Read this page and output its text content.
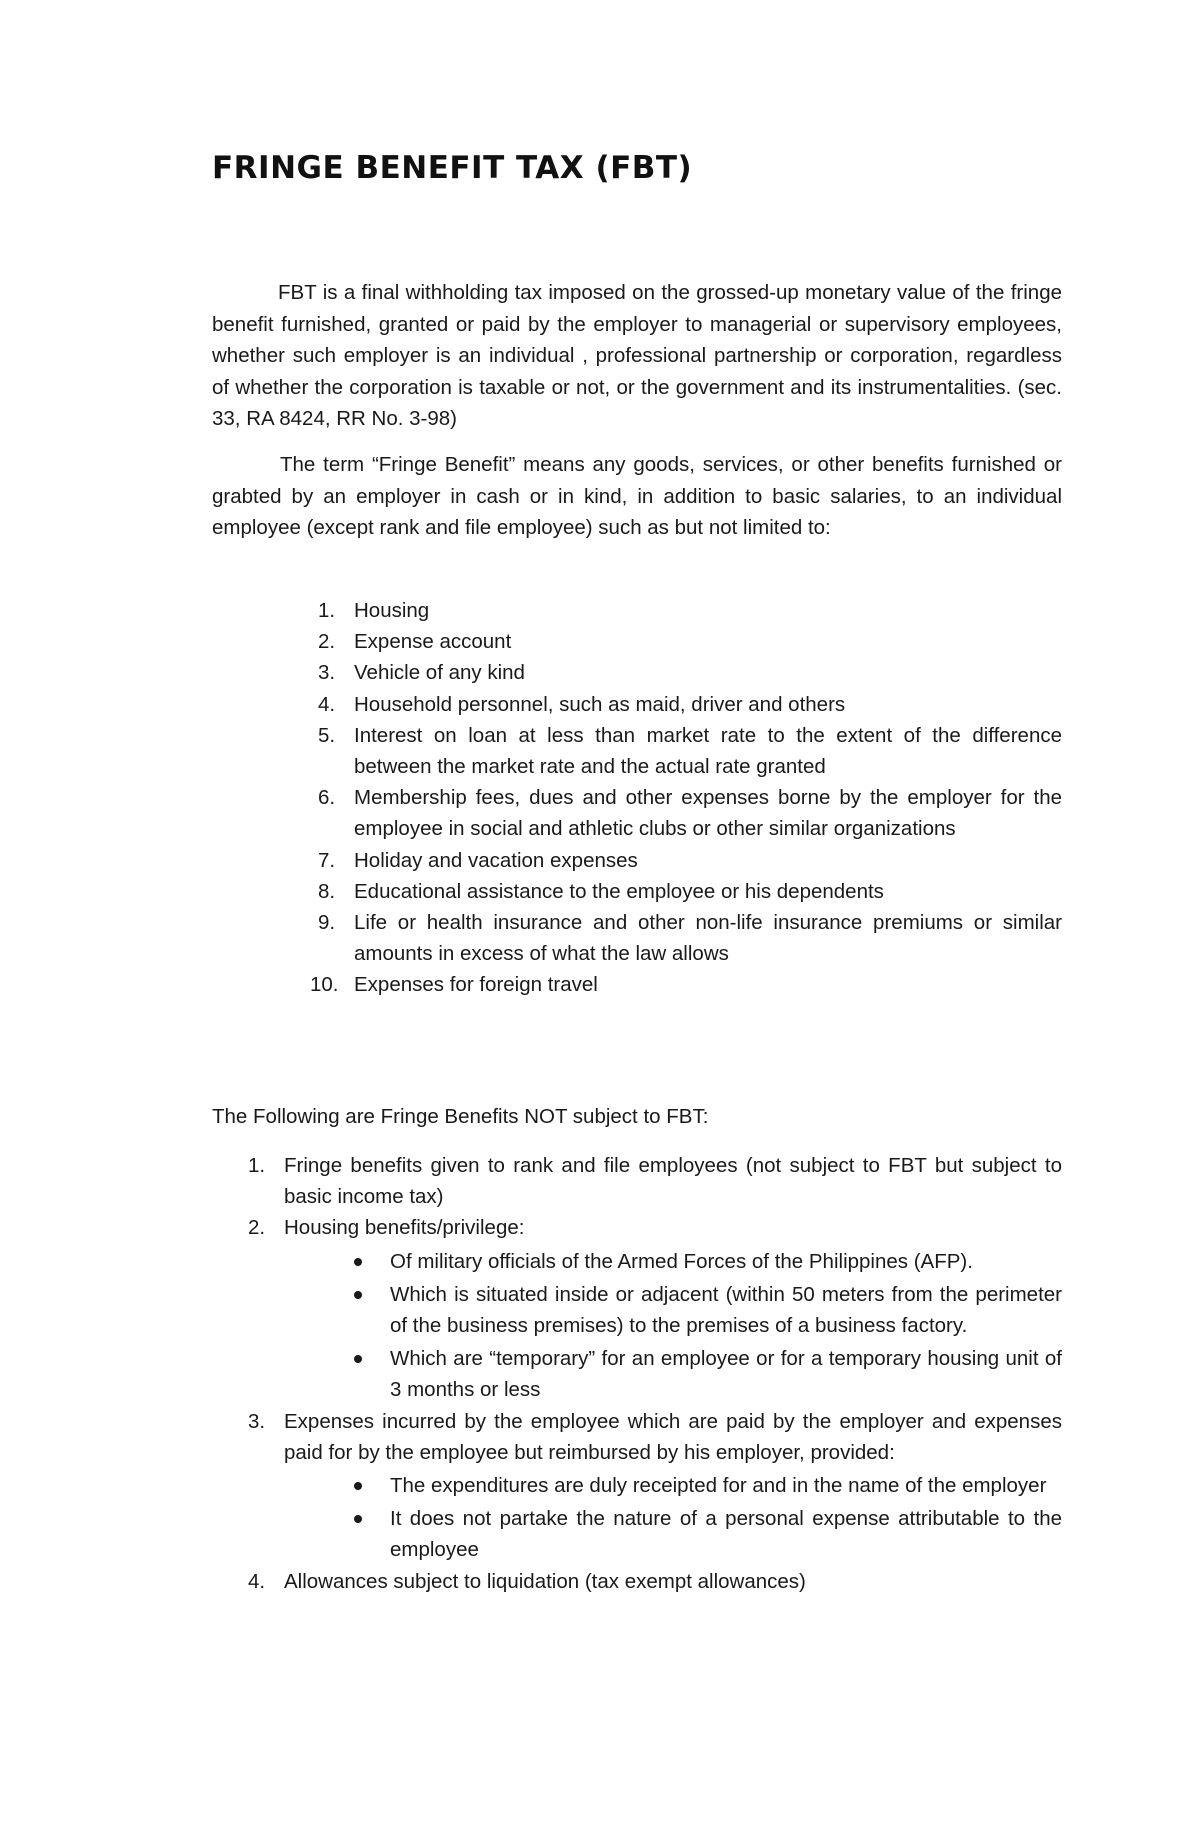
FRINGE BENEFIT TAX (FBT)

FBT is a final withholding tax imposed on the grossed-up monetary value of the fringe benefit furnished, granted or paid by the employer to managerial or supervisory employees, whether such employer is an individual , professional partnership or corporation, regardless of whether the corporation is taxable or not, or the government and its instrumentalities. (sec. 33, RA 8424, RR No. 3-98)

The term “Fringe Benefit” means any goods, services, or other benefits furnished or grabted by an employer in cash or in kind, in addition to basic salaries, to an individual employee (except rank and file employee) such as but not limited to:

1. Housing
2. Expense account
3. Vehicle of any kind
4. Household personnel, such as maid, driver and others
5. Interest on loan at less than market rate to the extent of the difference between the market rate and the actual rate granted
6. Membership fees, dues and other expenses borne by the employer for the employee in social and athletic clubs or other similar organizations
7. Holiday and vacation expenses
8. Educational assistance to the employee or his dependents
9. Life or health insurance and other non-life insurance premiums or similar amounts in excess of what the law allows
10. Expenses for foreign travel

The Following are Fringe Benefits NOT subject to FBT:

1. Fringe benefits given to rank and file employees (not subject to FBT but subject to basic income tax)
2. Housing benefits/privilege:
Of military officials of the Armed Forces of the Philippines (AFP).
Which is situated inside or adjacent (within 50 meters from the perimeter of the business premises) to the premises of a business factory.
Which are “temporary” for an employee or for a temporary housing unit of 3 months or less
3. Expenses incurred by the employee which are paid by the employer and expenses paid for by the employee but reimbursed by his employer, provided:
The expenditures are duly receipted for and in the name of the employer
It does not partake the nature of a personal expense attributable to the employee
4. Allowances subject to liquidation (tax exempt allowances)
